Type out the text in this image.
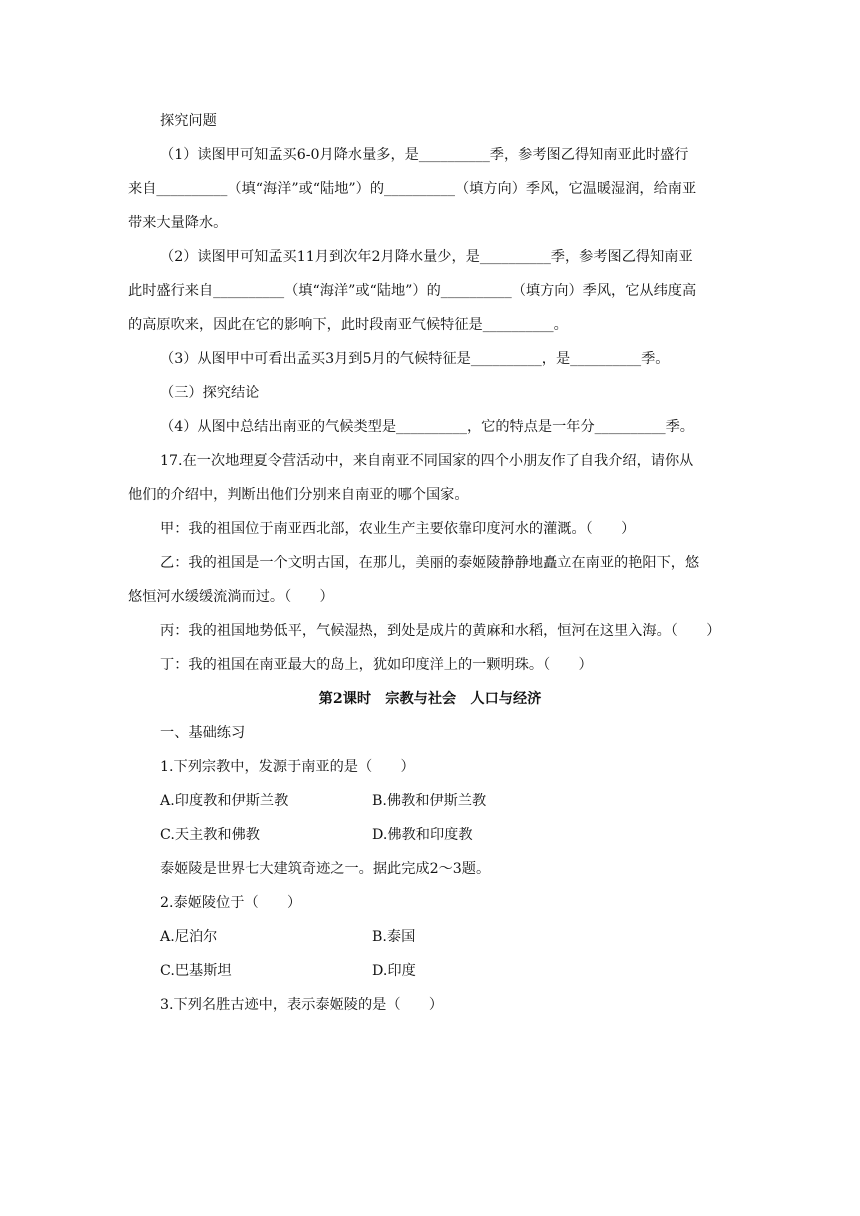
探究问题

（1）读图甲可知孟买6-0月降水量多，是__________季，参考图乙得知南亚此时盛行

来自__________（填“海洋”或“陆地”）的__________（填方向）季风，它温暖湿润，给南亚

带来大量降水。

（2）读图甲可知孟买11月到次年2月降水量少，是__________季，参考图乙得知南亚

此时盛行来自__________（填“海洋”或“陆地”）的__________（填方向）季风，它从纬度高

的高原吹来，因此在它的影响下，此时段南亚气候特征是__________。

（3）从图甲中可看出孟买3月到5月的气候特征是__________，是__________季。

（三）探究结论

（4）从图中总结出南亚的气候类型是__________，它的特点是一年分__________季。

17.在一次地理夏令营活动中，来自南亚不同国家的四个小朋友作了自我介绍，请你从

他们的介绍中，判断出他们分别来自南亚的哪个国家。

甲：我的祖国位于南亚西北部，农业生产主要依靠印度河水的灌溉。（　　）

乙：我的祖国是一个文明古国，在那儿，美丽的泰姬陵静静地矗立在南亚的艳阳下，悠

悠恒河水缓缓流淌而过。（　　）

丙：我的祖国地势低平，气候湿热，到处是成片的黄麻和水稻，恒河在这里入海。（　　）

丁：我的祖国在南亚最大的岛上，犹如印度洋上的一颗明珠。（　　）

第2课时　宗教与社会　人口与经济

一、基础练习

1.下列宗教中，发源于南亚的是（　　）

A.印度教和伊斯兰教	B.佛教和伊斯兰教

C.天主教和佛教	D.佛教和印度教

泰姬陵是世界七大建筑奇迹之一。据此完成2～3题。

2.泰姬陵位于（　　）

A.尼泊尔	B.泰国

C.巴基斯坦	D.印度

3.下列名胜古迹中，表示泰姬陵的是（　　）
